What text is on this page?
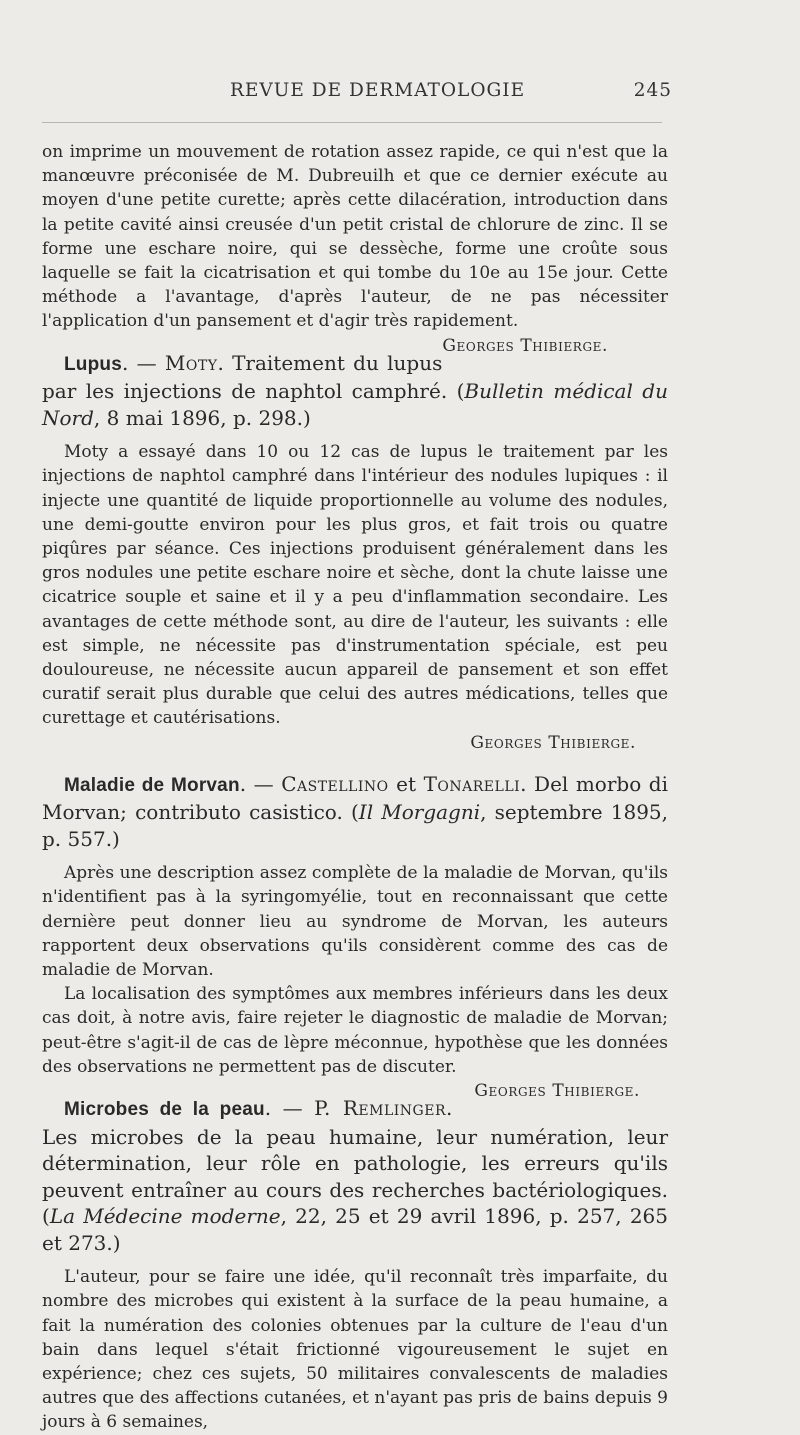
REVUE DE DERMATOLOGIE	245

on imprime un mouvement de rotation assez rapide, ce qui n'est que la manœuvre préconisée de M. Dubreuilh et que ce dernier exécute au moyen d'une petite curette; après cette dilacération, introduction dans la petite cavité ainsi creusée d'un petit cristal de chlorure de zinc. Il se forme une eschare noire, qui se dessèche, forme une croûte sous laquelle se fait la cicatrisation et qui tombe du 10e au 15e jour. Cette méthode a l'avantage, d'après l'auteur, de ne pas nécessiter l'application d'un pansement et d'agir très rapidement.
Georges Thibierge.

Lupus. — Moty. Traitement du lupus par les injections de naphtol camphré. (Bulletin médical du Nord, 8 mai 1896, p. 298.)

Moty a essayé dans 10 ou 12 cas de lupus le traitement par les injections de naphtol camphré dans l'intérieur des nodules lupiques : il injecte une quantité de liquide proportionnelle au volume des nodules, une demi-goutte environ pour les plus gros, et fait trois ou quatre piqûres par séance. Ces injections produisent généralement dans les gros nodules une petite eschare noire et sèche, dont la chute laisse une cicatrice souple et saine et il y a peu d'inflammation secondaire. Les avantages de cette méthode sont, au dire de l'auteur, les suivants : elle est simple, ne nécessite pas d'instrumentation spéciale, est peu douloureuse, ne nécessite aucun appareil de pansement et son effet curatif serait plus durable que celui des autres médications, telles que curettage et cautérisations.

Georges Thibierge.

Maladie de Morvan. — Castellino et Tonarelli. Del morbo di Morvan; contributo casistico. (Il Morgagni, septembre 1895, p. 557.)

Après une description assez complète de la maladie de Morvan, qu'ils n'identifient pas à la syringomyélie, tout en reconnaissant que cette dernière peut donner lieu au syndrome de Morvan, les auteurs rapportent deux observations qu'ils considèrent comme des cas de maladie de Morvan.

La localisation des symptômes aux membres inférieurs dans les deux cas doit, à notre avis, faire rejeter le diagnostic de maladie de Morvan; peut-être s'agit-il de cas de lèpre méconnue, hypothèse que les données des observations ne permettent pas de discuter.
Georges Thibierge.

Microbes de la peau. — P. Remlinger. Les microbes de la peau humaine, leur numération, leur détermination, leur rôle en pathologie, les erreurs qu'ils peuvent entraîner au cours des recherches bactériologiques. (La Médecine moderne, 22, 25 et 29 avril 1896, p. 257, 265 et 273.)

L'auteur, pour se faire une idée, qu'il reconnaît très imparfaite, du nombre des microbes qui existent à la surface de la peau humaine, a fait la numération des colonies obtenues par la culture de l'eau d'un bain dans lequel s'était frictionné vigoureusement le sujet en expérience; chez ces sujets, 50 militaires convalescents de maladies autres que des affections cutanées, et n'ayant pas pris de bains depuis 9 jours à 6 semaines,
